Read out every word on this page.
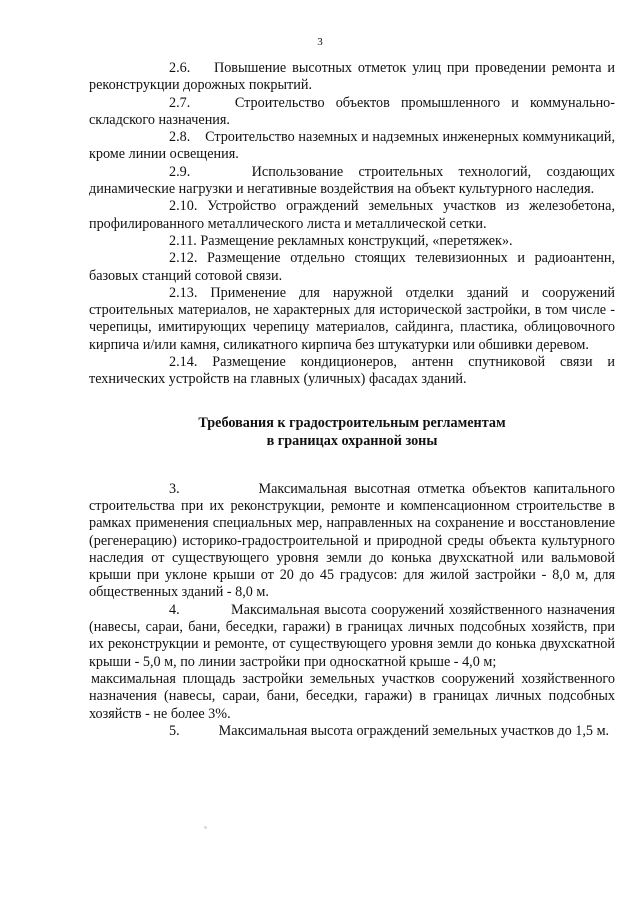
3

2.6. Повышение высотных отметок улиц при проведении ремонта и реконструкции дорожных покрытий.

2.7.	Строительство объектов промышленного и коммунально-складского назначения.

2.8. Строительство наземных и надземных инженерных коммуникаций, кроме линии освещения.

2.9.	Использование строительных технологий, создающих динамические нагрузки и негативные воздействия на объект культурного наследия.

2.10. Устройство ограждений земельных участков из железобетона, профилированного металлического листа и металлической сетки.

2.11. Размещение рекламных конструкций, «перетяжек».

2.12. Размещение отдельно стоящих телевизионных и радиоантенн, базовых станций сотовой связи.

2.13. Применение для наружной отделки зданий и сооружений строительных материалов, не характерных для исторической застройки, в том числе - черепицы, имитирующих черепицу материалов, сайдинга, пластика, облицовочного кирпича и/или камня, силикатного кирпича без штукатурки или обшивки деревом.

2.14. Размещение кондиционеров, антенн спутниковой связи и технических устройств на главных (уличных) фасадах зданий.

Требования к градостроительным регламентам
в границах охранной зоны

3.	Максимальная высотная отметка объектов капитального строительства при их реконструкции, ремонте и компенсационном строительстве в рамках применения специальных мер, направленных на сохранение и восстановление (регенерацию) историко-градостроительной и природной среды объекта культурного наследия от существующего уровня земли до конька двухскатной или вальмовой крыши при уклоне крыши от 20 до 45 градусов: для жилой застройки - 8,0 м, для общественных зданий - 8,0 м.

4.	Максимальная высота сооружений хозяйственного назначения (навесы, сараи, бани, беседки, гаражи) в границах личных подсобных хозяйств, при их реконструкции и ремонте, от существующего уровня земли до конька двухскатной крыши - 5,0 м, по линии застройки при односкатной крыше - 4,0 м;

максимальная площадь застройки земельных участков сооружений хозяйственного назначения (навесы, сараи, бани, беседки, гаражи) в границах личных подсобных хозяйств - не более 3%.

5.	Максимальная высота ограждений земельных участков до 1,5 м.
